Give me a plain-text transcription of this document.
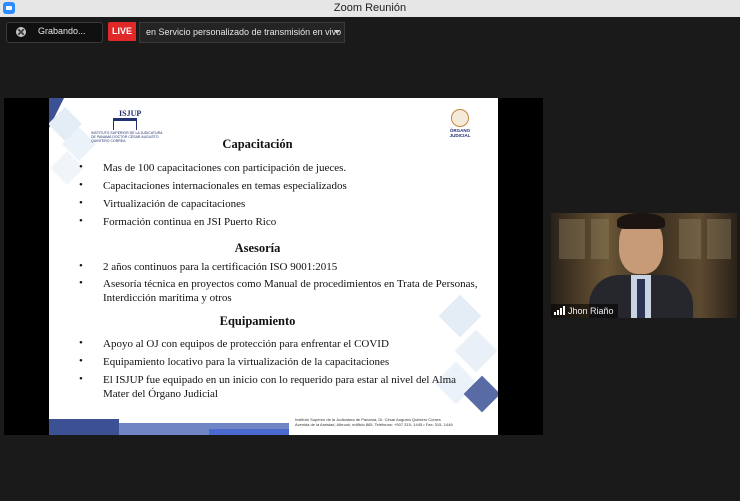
Zoom Reunión
Grabando...	LIVE	en Servicio personalizado de transmisión en vivo
ISJUP
INSTITUTO SUPERIOR DE LA JUDICATURA DE PANAMÁ DOCTOR CÉSAR AUGUSTO QUINTERO CORREA
ÓRGANO
JUDICIAL
Capacitación
• Mas de 100 capacitaciones con participación de jueces.
• Capacitaciones internacionales en temas especializados
• Virtualización de capacitaciones
• Formación continua en JSI Puerto Rico
Asesoría
• 2 años continuos para la certificación ISO 9001:2015
• Asesoría técnica en proyectos como Manual de procedimientos en Trata de Personas, Interdicción marítima y otros
Equipamiento
• Apoyo al OJ con equipos de protección para enfrentar el COVID
• Equipamiento locativo para la virtualización de la capacitaciones
• El ISJUP fue equipado en un inicio con lo requerido para estar al nivel del Alma Mater del Órgano Judicial
Instituto Superior de la Judicatura de Panamá, Dr. César Augusto Quintero Correa
Avenida de la Amistad, Albrook, edificio 865, Teléfonos: +507 315- 1445 • Fax: 315- 1446
Jhon Riaño
